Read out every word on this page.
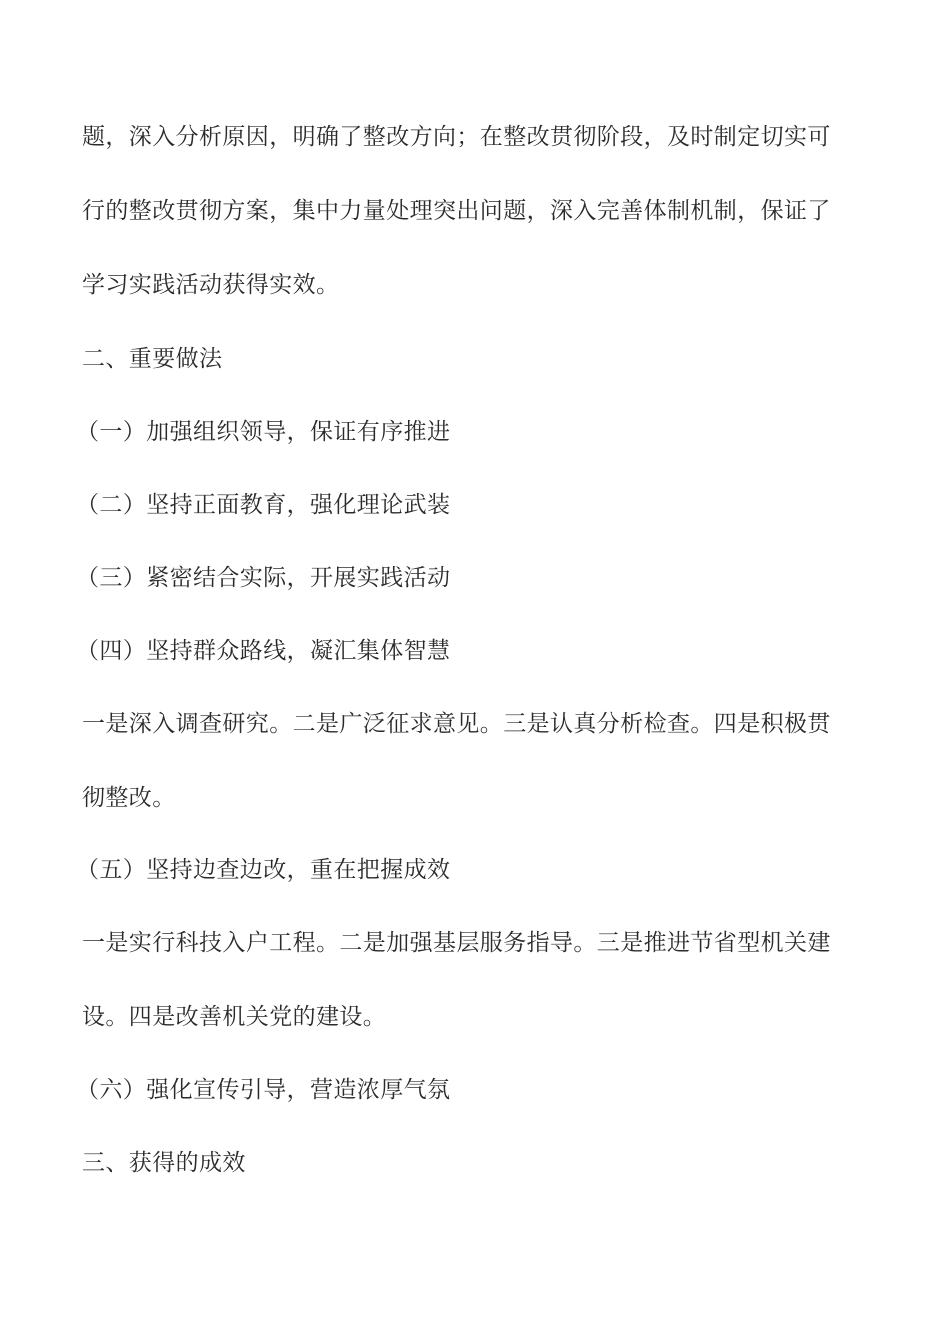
题，深入分析原因，明确了整改方向；在整改贯彻阶段，及时制定切实可
行的整改贯彻方案，集中力量处理突出问题，深入完善体制机制，保证了
学习实践活动获得实效。
二、重要做法
（一）加强组织领导，保证有序推进
（二）坚持正面教育，强化理论武装
（三）紧密结合实际，开展实践活动
（四）坚持群众路线，凝汇集体智慧
一是深入调查研究。二是广泛征求意见。三是认真分析检查。四是积极贯
彻整改。
（五）坚持边查边改，重在把握成效
一是实行科技入户工程。二是加强基层服务指导。三是推进节省型机关建
设。四是改善机关党的建设。
（六）强化宣传引导，营造浓厚气氛
三、获得的成效
